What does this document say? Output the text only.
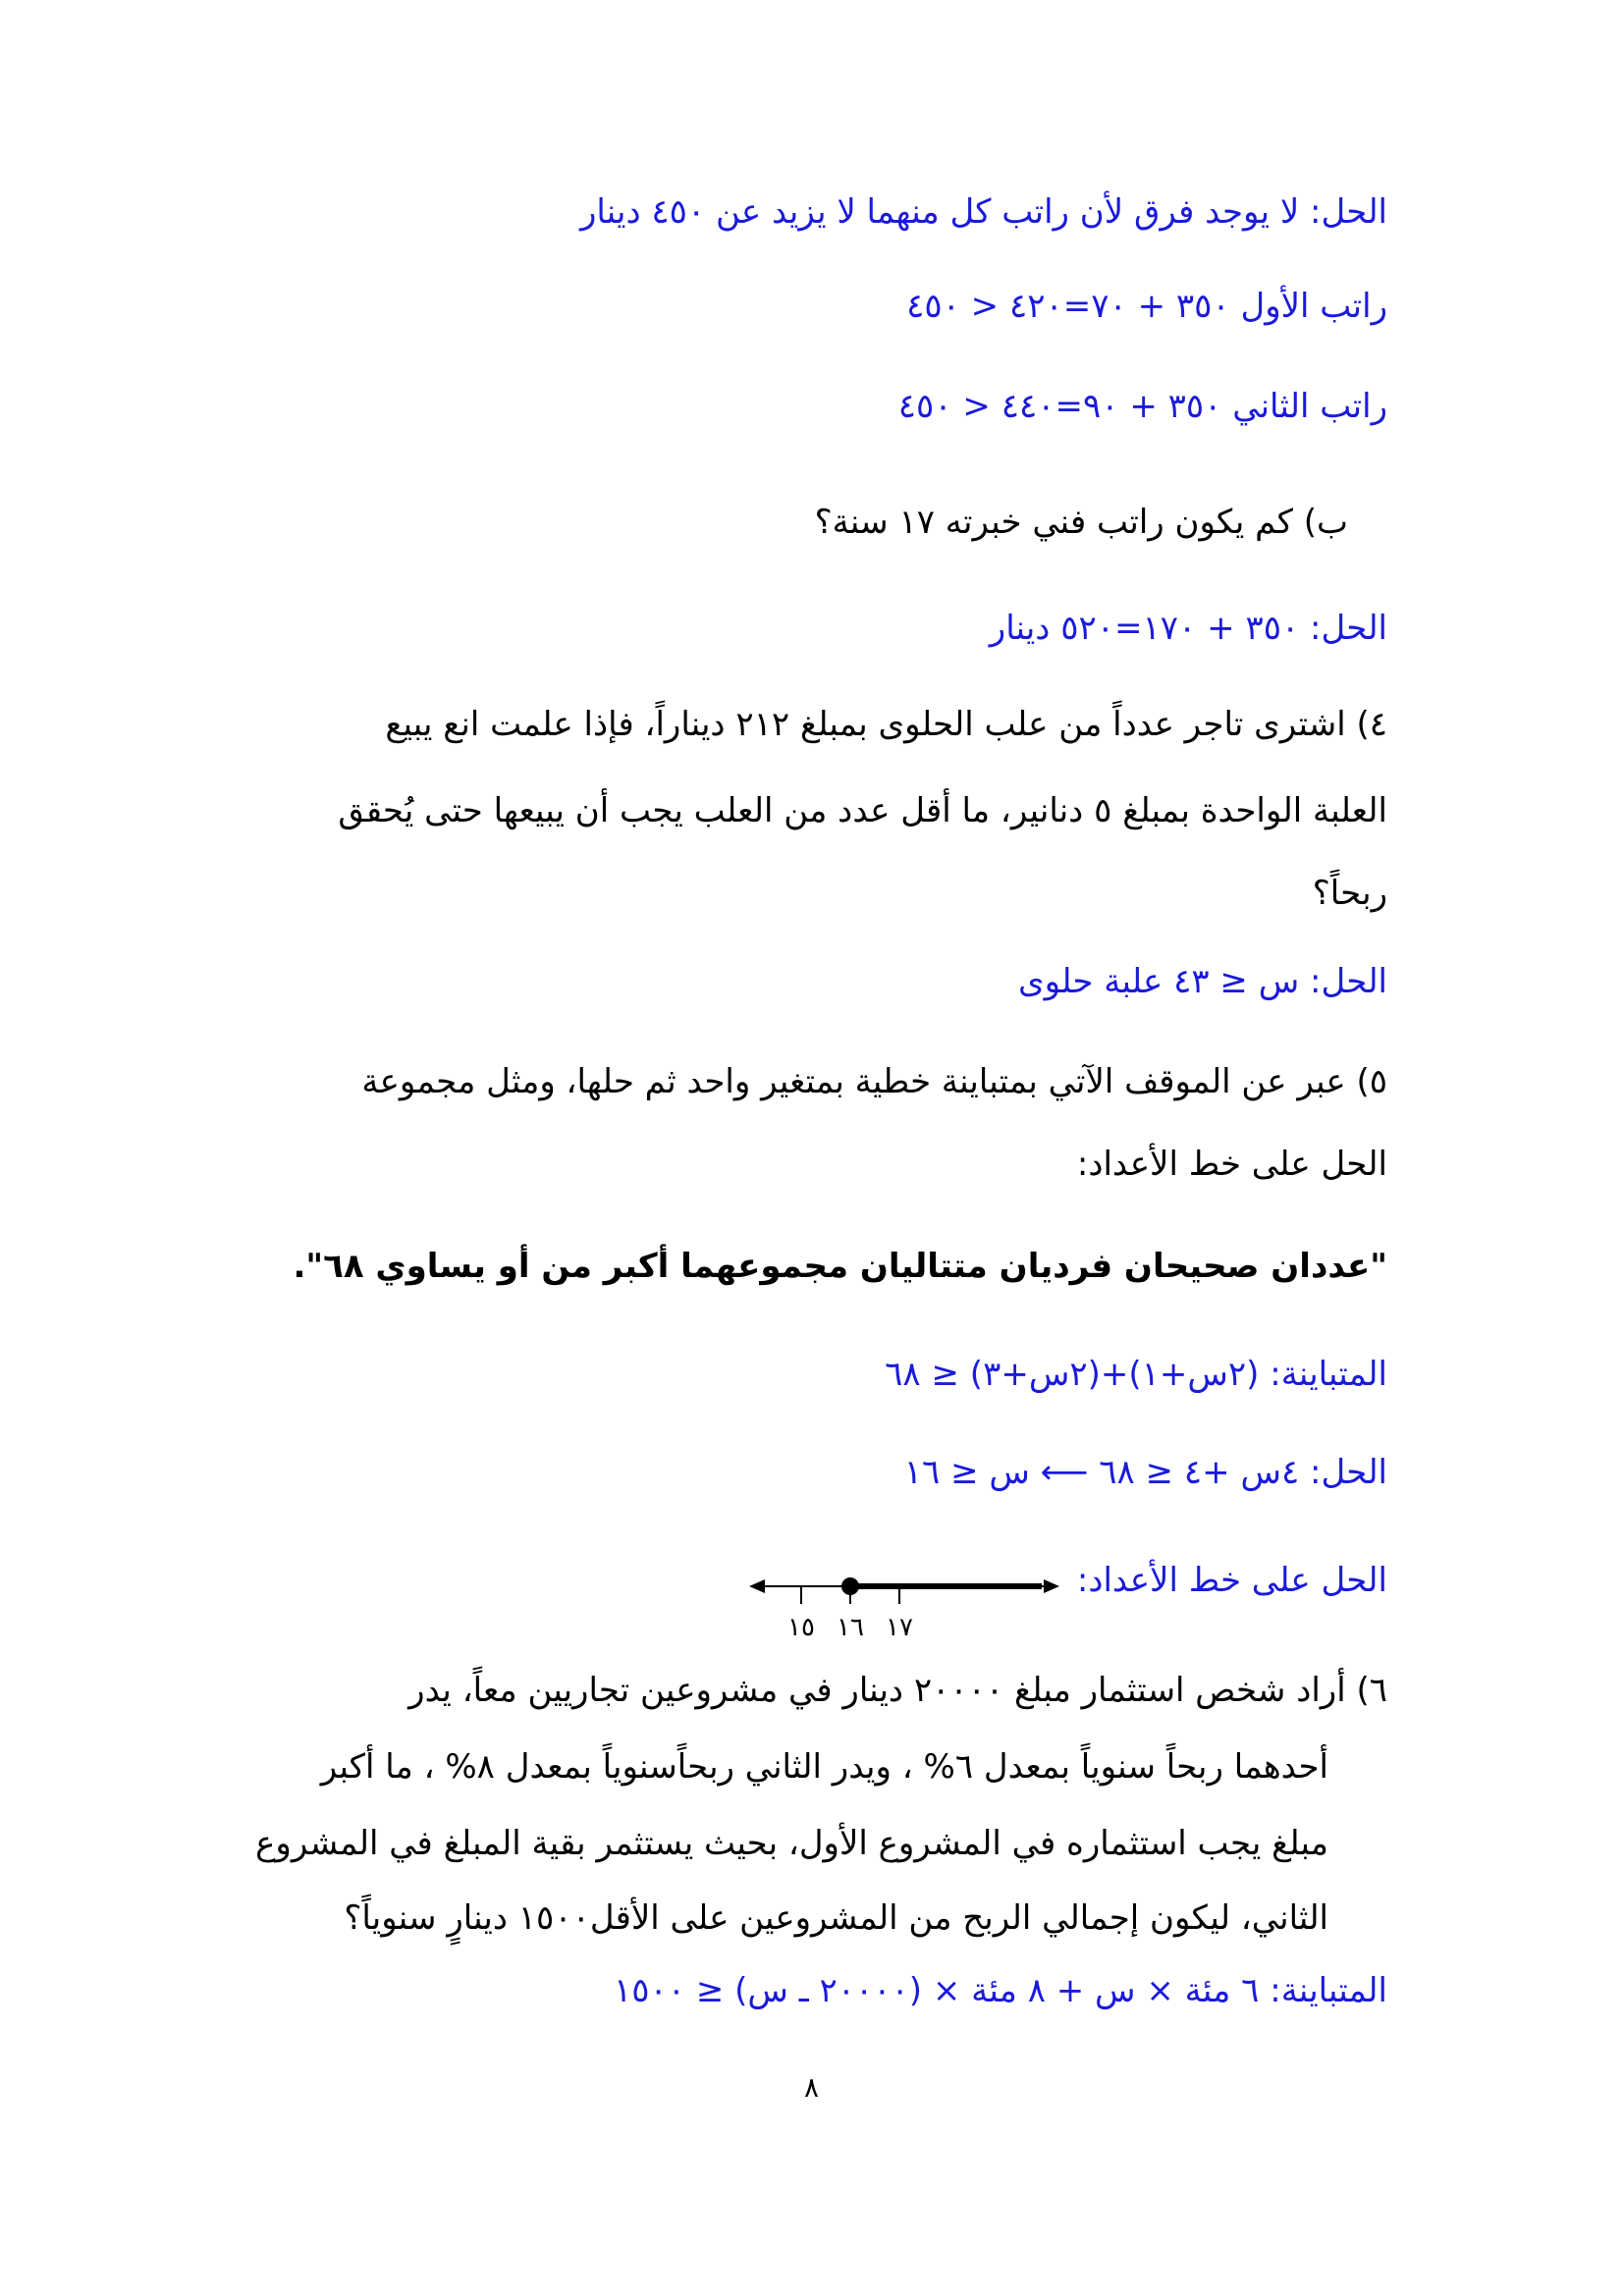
الحل: لا يوجد فرق لأن راتب كل منهما لا يزيد عن ٤٥٠ دينار
راتب الأول ٣٥٠ + ٧٠=٤٢٠ < ٤٥٠
راتب الثاني ٣٥٠ + ٩٠=٤٤٠ < ٤٥٠
ب) كم يكون راتب فني خبرته ١٧ سنة؟
الحل: ٣٥٠ + ١٧٠=٥٢٠ دينار
٤) اشترى تاجر عدداً من علب الحلوى بمبلغ ٢١٢ ديناراً، فإذا علمت انع يبيع
العلبة الواحدة بمبلغ ٥ دنانير، ما أقل عدد من العلب يجب أن يبيعها حتى يُحقق
ربحاً؟
الحل: س ≤ ٤٣ علبة حلوى
٥) عبر عن الموقف الآتي بمتباينة خطية بمتغير واحد ثم حلها، ومثل مجموعة
الحل على خط الأعداد:
"عددان صحيحان فرديان متتاليان مجموعهما أكبر من أو يساوي ٦٨".
المتباينة: (٢س+١)+(٢س+٣) ≤ ٦٨
الحل: ٤س +٤ ≤ ٦٨ ⟵ س ≤ ١٦
الحل على خط الأعداد:
١٥ ١٦ ١٧
٦) أراد شخص استثمار مبلغ ٢٠٠٠٠ دينار في مشروعين تجاريين معاً، يدر
أحدهما ربحاً سنوياً بمعدل ٦% ، ويدر الثاني ربحاًسنوياً بمعدل ٨% ، ما أكبر
مبلغ يجب استثماره في المشروع الأول، بحيث يستثمر بقية المبلغ في المشروع
الثاني، ليكون إجمالي الربح من المشروعين على الأقل١٥٠٠ دينارٍ سنوياً؟
المتباينة: ٦ مئة × س + ٨ مئة × (٢٠٠٠٠ ـ س) ≤ ١٥٠٠
٨
